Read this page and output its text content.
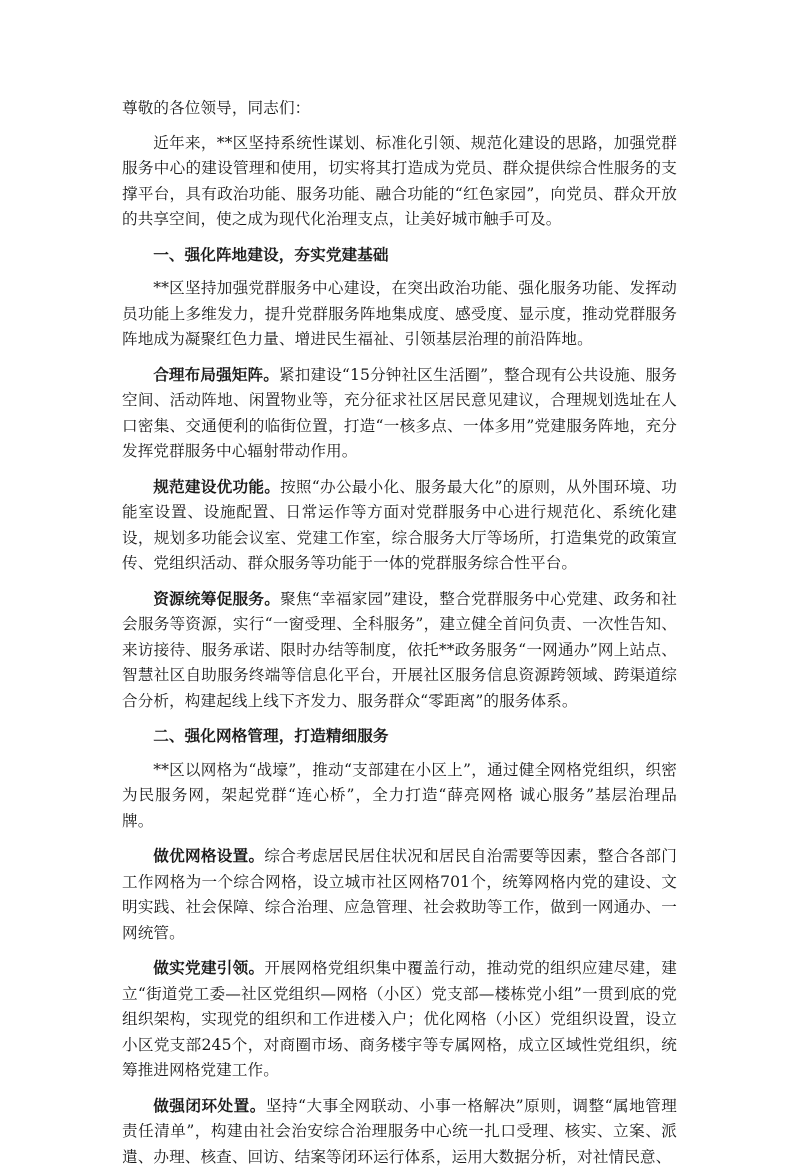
尊敬的各位领导，同志们：

近年来，**区坚持系统性谋划、标准化引领、规范化建设的思路，加强党群服务中心的建设管理和使用，切实将其打造成为党员、群众提供综合性服务的支撑平台，具有政治功能、服务功能、融合功能的“红色家园”，向党员、群众开放的共享空间，使之成为现代化治理支点，让美好城市触手可及。

一、强化阵地建设，夯实党建基础

**区坚持加强党群服务中心建设，在突出政治功能、强化服务功能、发挥动员功能上多维发力，提升党群服务阵地集成度、感受度、显示度，推动党群服务阵地成为凝聚红色力量、增进民生福祉、引领基层治理的前沿阵地。

合理布局强矩阵。紧扣建设“15分钟社区生活圈”，整合现有公共设施、服务空间、活动阵地、闲置物业等，充分征求社区居民意见建议，合理规划选址在人口密集、交通便利的临街位置，打造“一核多点、一体多用”党建服务阵地，充分发挥党群服务中心辐射带动作用。

规范建设优功能。按照“办公最小化、服务最大化”的原则，从外围环境、功能室设置、设施配置、日常运作等方面对党群服务中心进行规范化、系统化建设，规划多功能会议室、党建工作室，综合服务大厅等场所，打造集党的政策宣传、党组织活动、群众服务等功能于一体的党群服务综合性平台。

资源统筹促服务。聚焦“幸福家园”建设，整合党群服务中心党建、政务和社会服务等资源，实行“一窗受理、全科服务”，建立健全首问负责、一次性告知、来访接待、服务承诺、限时办结等制度，依托**政务服务“一网通办”网上站点、智慧社区自助服务终端等信息化平台，开展社区服务信息资源跨领域、跨渠道综合分析，构建起线上线下齐发力、服务群众“零距离”的服务体系。

二、强化网格管理，打造精细服务

**区以网格为“战壕”，推动“支部建在小区上”，通过健全网格党组织，织密为民服务网，架起党群“连心桥”，全力打造“薛亮网格 诚心服务”基层治理品牌。

做优网格设置。综合考虑居民居住状况和居民自治需要等因素，整合各部门工作网格为一个综合网格，设立城市社区网格701个，统筹网格内党的建设、文明实践、社会保障、综合治理、应急管理、社会救助等工作，做到一网通办、一网统管。

做实党建引领。开展网格党组织集中覆盖行动，推动党的组织应建尽建，建立“街道党工委—社区党组织—网格（小区）党支部—楼栋党小组”一贯到底的党组织架构，实现党的组织和工作进楼入户；优化网格（小区）党组织设置，设立小区党支部245个，对商圈市场、商务楼宇等专属网格，成立区域性党组织，统筹推进网格党建工作。

做强闭环处置。坚持“大事全网联动、小事一格解决”原则，调整“属地管理责任清单”，构建由社会治安综合治理服务中心统一扎口受理、核实、立案、派遣、办理、核查、回访、结案等闭环运行体系，运用大数据分析，对社情民意、
